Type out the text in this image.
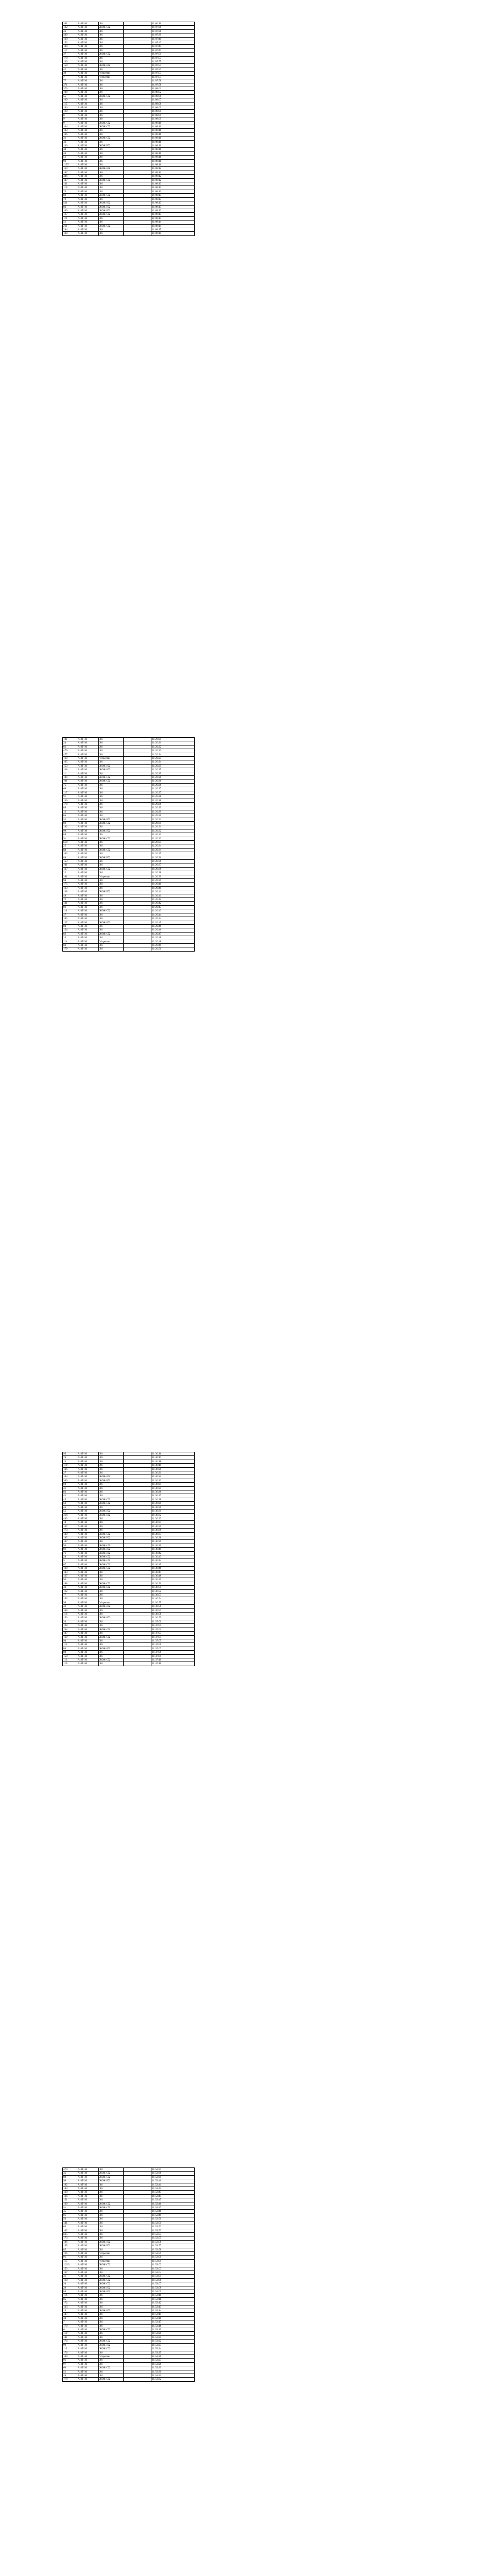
161	A-3Т-30	X6		11:06:16
132	A-3Т-30	ЖОК-СХ		11:07:38
46	A-3Т-30	X6		11:07:38
489	A-3Т-30	X6		11:07:39
128	A-3Т-30	X6		11:07:41
153	A-3Т-30	X6		11:07:43
140	A-3Т-30	X6		11:07:44
117	A-3Т-30	X6		11:07:47
37	A-3Т-30	ЖОК-СХ		11:07:51
170	A-3Т-30	X6		11:07:53
130	A-3Т-30	X6		11:07:55
150	A-3Т-30	ЖОК-ВХ		11:07:57
41	A-3Т-30	X6		11:07:57
49	A-3Т-30	Ѵпрепти		11:07:57
7	A-3Т-30	Ѵпрепти		11:07:57
77	A-3Т-30	X6		11:07:58
371	A-3Т-30	X6		11:07:58
376	A-3Т-30	X6		11:08:01
109	A-3Т-30	X6		11:08:02
55	A-3Т-30	ЖОК-СХ		11:08:06
169	A-3Т-30	X6		11:08:07
115	A-3Т-30	X6		11:08:08
186	A-3Т-30	X6		11:08:09
168	A-3Т-30	X6		11:08:09
8	A-3Т-30	X6		11:08:09
9	A-3Т-30	X6		11:08:09
9	A-3Т-30	ЖОК-СХ		11:08:10
164	A-3Т-30	ЖОК-СХ		11:08:10
133	A-3Т-30	X6		11:08:11
146	A-3Т-30	X6		11:08:11
31	A-3Т-30	ЖОК-СХ		11:08:11
43	A-3Т-30	X6		11:08:11
140	A-3Т-30	ЖОК-ВХ		11:08:11
34	A-3Т-30	X6		11:08:11
44	A-3Т-30	X6		11:08:11
51	A-3Т-30	X6		11:08:11
92	A-3Т-30	X6		11:08:11
1137	A-3Т-30	X6		11:08:11
160	A-3Т-30	ЖОК-ВХ		11:08:12
147	A-3Т-30	X6		11:08:12
346	A-3Т-30	X6		11:08:12
147	A-3Т-30	ЖОК-СХ		11:08:12
131	A-3Т-30	X6		11:08:13
110	A-3Т-30	X6		11:08:13
75	A-3Т-30	X6		11:08:13
83	A-3Т-30	ЖОК-СХ		11:08:13
72	A-3Т-30	X6		11:08:13
521	A-3Т-30	ЖОК-ВХ		11:08:13
83	A-3Т-30	ЖОК-ВХ		11:08:13
109	A-3Т-30	ЖОК-ВХ		11:08:13
167	A-3Т-30	ЖОК-СХ		11:08:13
171	A-3Т-30	X6		11:08:14
51	A-3Т-30	X6		11:08:14
211	A-3Т-30	ЖОК-СХ		11:08:14
284	A-3Т-30	X6		11:08:15
108	A-3Т-30	X6		11:08:15
181	A-3Т-30	X6		11:20:21
24	A-3Т-30	X6		11:20:21
62	A-3Т-30	X6		11:20:22
479	A-3Т-30	X6		11:20:23
477	A-3Т-30	X6		11:20:24
169	A-3Т-30	Ѵпрепти		11:20:24
105	A-3Т-30	X6		11:20:24
153	A-3Т-30	ЖОК-ВХ		11:20:25
148	A-3Т-30	ЖОК-ВХ		11:20:25
11	A-3Т-30	X6		11:20:25
104	A-3Т-30	ЖОК-СХ		11:20:26
101	A-3Т-30	ЖОК-СХ		11:20:26
75	A-3Т-30	X6		11:20:26
68	A-3Т-30	X6		11:20:27
117	A-3Т-30	X6		11:20:27
91	A-3Т-30	X6		11:20:28
156	A-3Т-30	X6		11:20:28
174	A-3Т-30	X6		11:20:28
89	A-3Т-30	X6		11:20:29
12	A-3Т-30	X6		11:20:29
65	A-3Т-30	X6		11:20:30
52	A-3Т-30	ЖОК-ВХ		11:20:31
69	A-3Т-30	ЖОК-СХ		11:20:31
142	A-3Т-30	X6		11:20:31
99	A-3Т-30	ЖОК-ВХ		11:20:32
88	A-3Т-30	X6		11:20:32
91	A-3Т-30	ЖОК-СХ		11:20:33
619	A-3Т-30	X6		11:20:34
25	A-3Т-30	X6		11:20:34
84	A-3Т-30	ЖОК-СХ		11:20:34
103	A-3Т-30	X6		11:20:35
88	A-3Т-30	ЖОК-ВХ		11:20:36
153	A-3Т-30	X6		11:20:36
101	A-3Т-30	X6		11:20:37
137	A-3Т-30	ЖОК-СХ		11:20:38
22	A-3Т-30	X6		11:20:38
181	A-3Т-30	Ѵпрепти		11:20:39
94	A-3Т-30	X6		11:20:39
175	A-3Т-30	X6		11:20:40
133	A-3Т-30	X6		11:20:40
138	A-3Т-30	ЖОК-ВХ		11:20:41
48	A-3Т-30	X6		11:20:41
72	A-3Т-30	X6		11:20:42
131	A-3Т-30	X6		11:20:42
86	A-3Т-30	X6		11:20:43
114	A-3Т-30	ЖОК-СХ		11:20:43
47	A-3Т-30	X6		11:20:44
105	A-3Т-30	X6		11:20:44
127	A-3Т-30	ЖОК-ВХ		11:20:45
80	A-3Т-30	X6		11:20:46
154	A-3Т-30	X6		11:20:46
63	A-3Т-30	ЖОК-СХ		11:20:47
25	A-3Т-30	X6		11:20:48
114	A-3Т-30	Ѵпрепти		11:20:48
69	A-3Т-30	X6		11:20:49
179	A-3Т-30	X6		11:20:50
95	A-3Т-30	X6		11:36:16
76	A-3Т-30	X6		11:36:17
15	A-3Т-30	X6		11:36:18
118	A-3Т-30	X6		11:36:19
136	A-3Т-30	X6		11:36:20
27	A-3Т-30	X6		11:36:21
103	A-3Т-30	ЖОК-ВХ		11:36:22
309	A-3Т-30	ЖОК-ВХ		11:36:23
60	A-3Т-30	X6		11:36:24
41	A-3Т-30	X6		11:36:25
62	A-3Т-30	X6		11:36:26
42	A-3Т-30	X6		11:36:27
45	A-3Т-30	ЖОК-СХ		11:36:28
52	A-3Т-30	ЖОК-СХ		11:36:29
45	A-3Т-30	X6		11:36:30
55	A-3Т-30	ЖОК-ВХ		11:36:31
414	A-3Т-30	ЖОК-ВХ		11:36:32
443	A-3Т-30	X6		11:36:33
18	A-3Т-30	X6		11:36:34
137	A-3Т-30	X6		11:36:35
173	A-3Т-30	X6		11:36:36
140	A-3Т-30	ЖОК-СХ		11:36:37
185	A-3Т-30	ЖОК-ВХ		11:36:38
107	A-3Т-30	X6		11:36:39
93	A-3Т-30	ЖОК-СХ		11:36:40
81	A-3Т-30	ЖОК-ВХ		11:36:41
71	A-3Т-30	ЖОК-ВХ		11:36:42
29	A-3Т-30	ЖОК-СХ		11:36:43
5	A-3Т-30	ЖОК-СХ		11:36:44
67	A-3Т-30	ЖОК-СХ		11:36:45
128	A-3Т-30	ЖОК-СХ		11:36:46
143	A-3Т-30	X6		11:36:47
127	A-3Т-30	X6		11:36:48
93	A-3Т-30	X6		11:36:49
188	A-3Т-30	ЖОК-СХ		11:36:50
43	A-3Т-30	ЖОК-ВХ		11:36:51
122	A-3Т-30	X6		11:36:52
77	A-3Т-30	X6		11:36:53
153	A-3Т-30	X6		11:36:54
98	A-3Т-30	Ѵпрепти		11:36:55
43	A-3Т-30	ЖОК-ВХ		11:36:56
108	A-3Т-30	X6		11:36:57
116	A-3Т-30	X6		11:36:58
153	A-3Т-30	ЖОК-ВХ		11:36:59
20	A-3Т-30	X6		11:37:00
124	A-3Т-30	X6		11:37:01
132	A-3Т-30	ЖОК-СХ		11:37:02
187	A-3Т-30	X6		11:37:03
169	A-3Т-30	ЖОК-СХ		11:37:04
94	A-3Т-30	X6		11:37:05
111	A-3Т-30	X6		11:37:06
86	A-3Т-30	ЖОК-ВХ		11:37:07
88	A-3Т-30	X6		11:37:08
158	A-3Т-30	X6		11:37:09
113	A-3Т-30	ЖОК-СХ		11:37:10
119	A-3Т-30	X6		11:37:11
470	A-3Т-30	X6		11:52:37
35	A-3Т-30	ЖОК-СХ		11:52:38
80	A-3Т-30	ЖОК-СХ		11:52:39
99	A-3Т-30	ЖОК-ВХ		11:52:40
192	A-3Т-30	X6		11:52:41
184	A-3Т-30	X6		11:52:42
138	A-3Т-30	X6		11:52:43
134	A-3Т-30	X6		11:52:44
151	A-3Т-30	X6		11:52:45
169	A-3Т-30	ЖОК-СХ		11:52:46
51	A-3Т-30	ЖОК-СХ		11:52:47
45	A-3Т-30	X6		11:52:48
81	A-3Т-30	X6		11:52:49
56	A-3Т-30	X6		11:52:50
141	A-3Т-30	X6		11:52:51
65	A-3Т-30	X6		11:52:52
102	A-3Т-30	X6		11:52:53
605	A-3Т-30	X6		11:52:54
173	A-3Т-30	X6		11:52:55
186	A-3Т-30	ЖОК-ВХ		11:52:56
155	A-3Т-30	ЖОК-ВХ		11:52:57
85	A-3Т-30	X6		11:52:58
126	A-3Т-30	Ѵпрепти		11:52:59
91	A-3Т-30	X6		11:53:00
115	A-3Т-30	Ѵпрепти		11:53:01
1,513	A-3Т-30	ЖОК-СХ		11:53:02
153	A-3Т-30	X6		11:53:03
147	A-3Т-30	X6		11:53:04
41	A-3Т-30	ЖОК-СХ		11:53:05
160	A-3Т-30	ЖОК-СХ		11:53:06
20	A-3Т-30	ЖОК-СХ		11:53:07
29	A-3Т-30	ЖОК-ВХ		11:53:08
88	A-3Т-30	ЖОК-ВХ		11:53:09
116	A-3Т-30	X6		11:53:10
85	A-3Т-30	X6		11:53:11
172	A-3Т-30	X6		11:53:12
133	A-3Т-30	X6		11:53:13
25	A-3Т-30	ЖОК-ВХ		11:53:14
147	A-3Т-30	X6		11:53:15
38	A-3Т-30	X6		11:53:16
7	A-3Т-30	X6		11:53:17
179	A-3Т-30	X6		11:53:18
6	A-3Т-30	ЖОК-СХ		11:53:19
119	A-3Т-30	X6		11:53:20
101	A-3Т-30	X6		11:53:21
174	A-3Т-30	ЖОК-СХ		11:53:22
99	A-3Т-30	ЖОК-ВХ		11:53:23
112	A-3Т-30	ЖОК-СХ		11:53:24
176	A-3Т-30	X6		11:53:25
109	A-3Т-30	Ѵпрепти		11:53:26
91	A-3Т-30	X6		11:53:27
97	A-3Т-30	X6		11:53:28
66	A-3Т-30	ЖОК-СХ		11:53:29
51	A-3Т-30	X6		11:53:30
24	A-3Т-30	X6		11:53:31
178	A-3Т-30	ЖОК-СХ		11:53:32
